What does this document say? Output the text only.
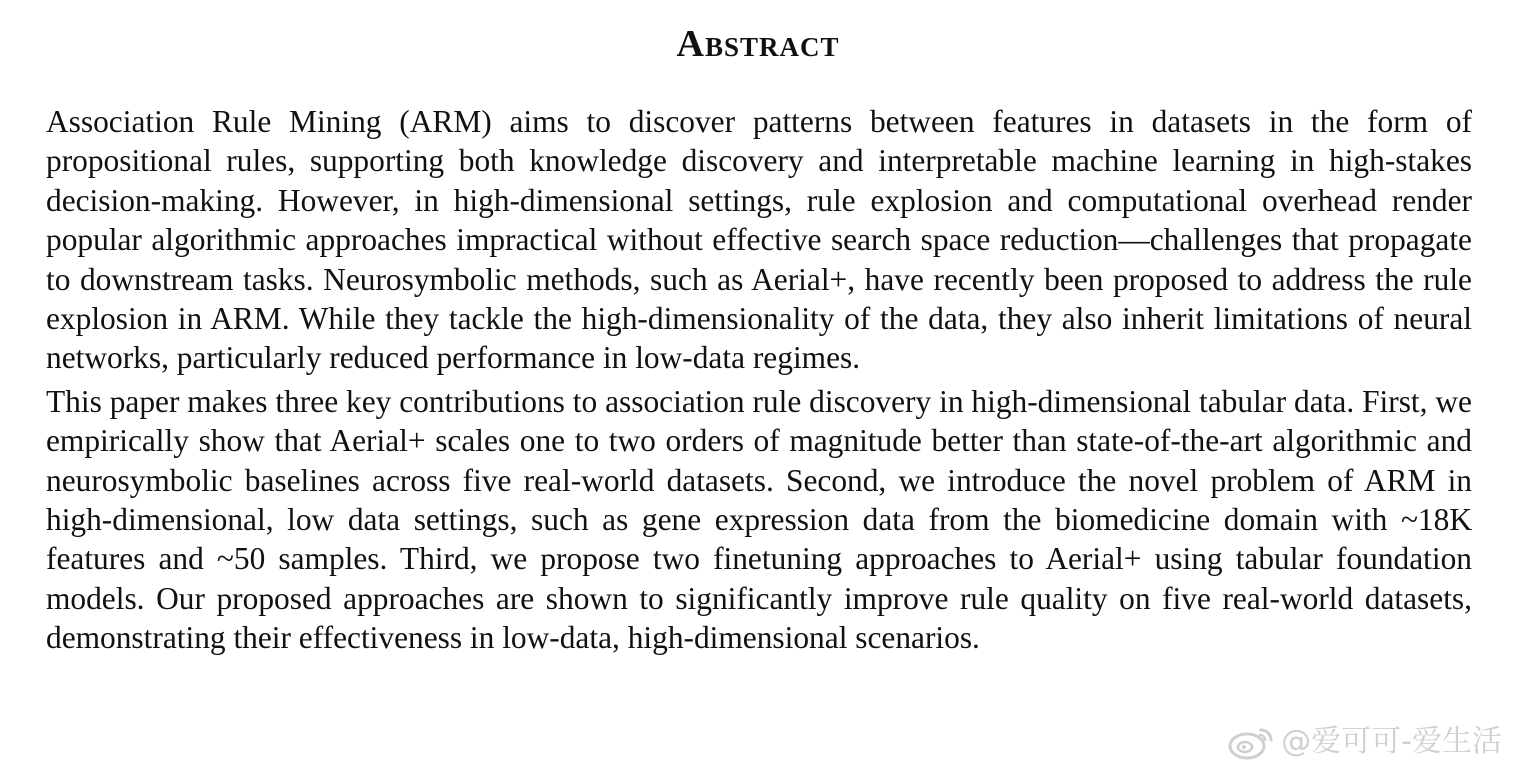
Abstract

Association Rule Mining (ARM) aims to discover patterns between features in datasets in the form of propositional rules, supporting both knowledge discovery and interpretable machine learning in high-stakes decision-making. However, in high-dimensional settings, rule explosion and computational overhead render popular algorithmic approaches impractical without effective search space reduction—challenges that propagate to downstream tasks. Neurosymbolic methods, such as Aerial+, have recently been proposed to address the rule explosion in ARM. While they tackle the high-dimensionality of the data, they also inherit limitations of neural networks, particularly reduced performance in low-data regimes.

This paper makes three key contributions to association rule discovery in high-dimensional tabular data. First, we empirically show that Aerial+ scales one to two orders of magnitude better than state-of-the-art algorithmic and neurosymbolic baselines across five real-world datasets. Second, we introduce the novel problem of ARM in high-dimensional, low data settings, such as gene expression data from the biomedicine domain with ~18K features and ~50 samples. Third, we propose two finetuning approaches to Aerial+ using tabular foundation models. Our proposed approaches are shown to significantly improve rule quality on five real-world datasets, demonstrating their effectiveness in low-data, high-dimensional scenarios.

@爱可可-爱生活
